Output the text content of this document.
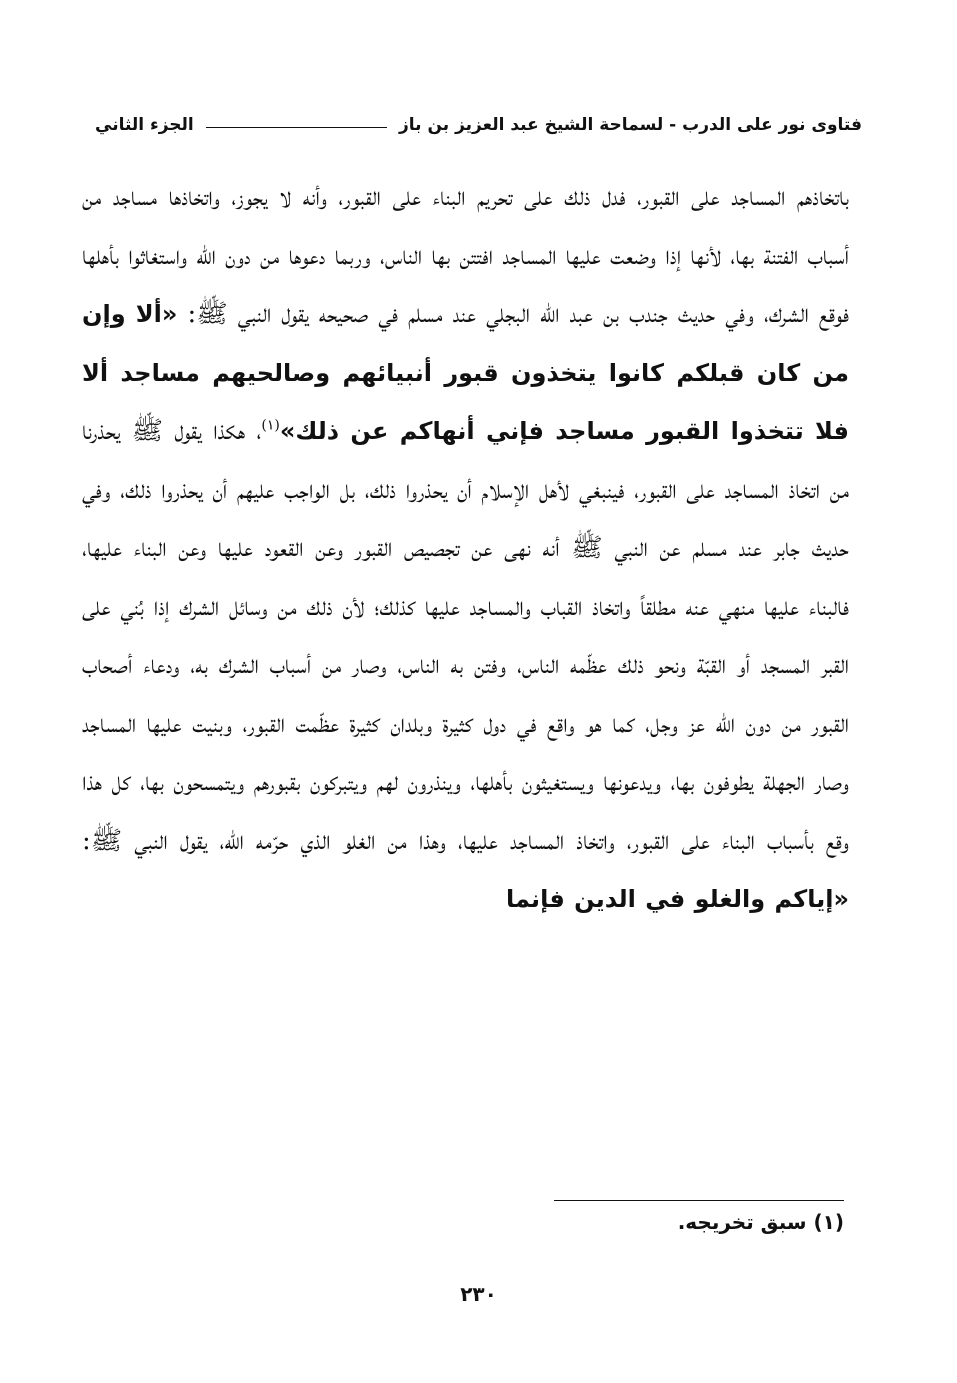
فتاوى نور على الدرب - لسماحة الشيخ عبد العزيز بن باز
الجزء الثاني
باتخاذهم المساجد على القبور، فدل ذلك على تحريم البناء على القبور، وأنه لا يجوز، واتخاذها مساجد من أسباب الفتنة بها، لأنها إذا وضعت عليها المساجد افتتن بها الناس، وربما دعوها من دون الله واستغاثوا بأهلها فوقع الشرك، وفي حديث جندب بن عبد الله البجلي عند مسلم في صحيحه يقول النبي ﷺ: «ألا وإن من كان قبلكم كانوا يتخذون قبور أنبيائهم وصالحيهم مساجد ألا فلا تتخذوا القبور مساجد فإني أنهاكم عن ذلك»$^{(١)}$، هكذا يقول ﷺ يحذرنا من اتخاذ المساجد على القبور، فينبغي لأهل الإسلام أن يحذروا ذلك، بل الواجب عليهم أن يحذروا ذلك، وفي حديث جابر عند مسلم عن النبي ﷺ أنه نهى عن تجصيص القبور وعن القعود عليها وعن البناء عليها، فالبناء عليها منهي عنه مطلقاً واتخاذ القباب والمساجد عليها كذلك؛ لأن ذلك من وسائل الشرك إذا بُني على القبر المسجد أو القبّة ونحو ذلك عظّمه الناس، وفتن به الناس، وصار من أسباب الشرك به، ودعاء أصحاب القبور من دون الله عز وجل، كما هو واقع في دول كثيرة وبلدان كثيرة عظّمت القبور، وبنيت عليها المساجد وصار الجهلة يطوفون بها، ويدعونها ويستغيثون بأهلها، وينذرون لهم ويتبركون بقبورهم ويتمسحون بها، كل هذا وقع بأسباب البناء على القبور، واتخاذ المساجد عليها، وهذا من الغلو الذي حرّمه الله، يقول النبي ﷺ: «إياكم والغلو في الدين فإنما
(١) سبق تخريجه.
٢٣٠
